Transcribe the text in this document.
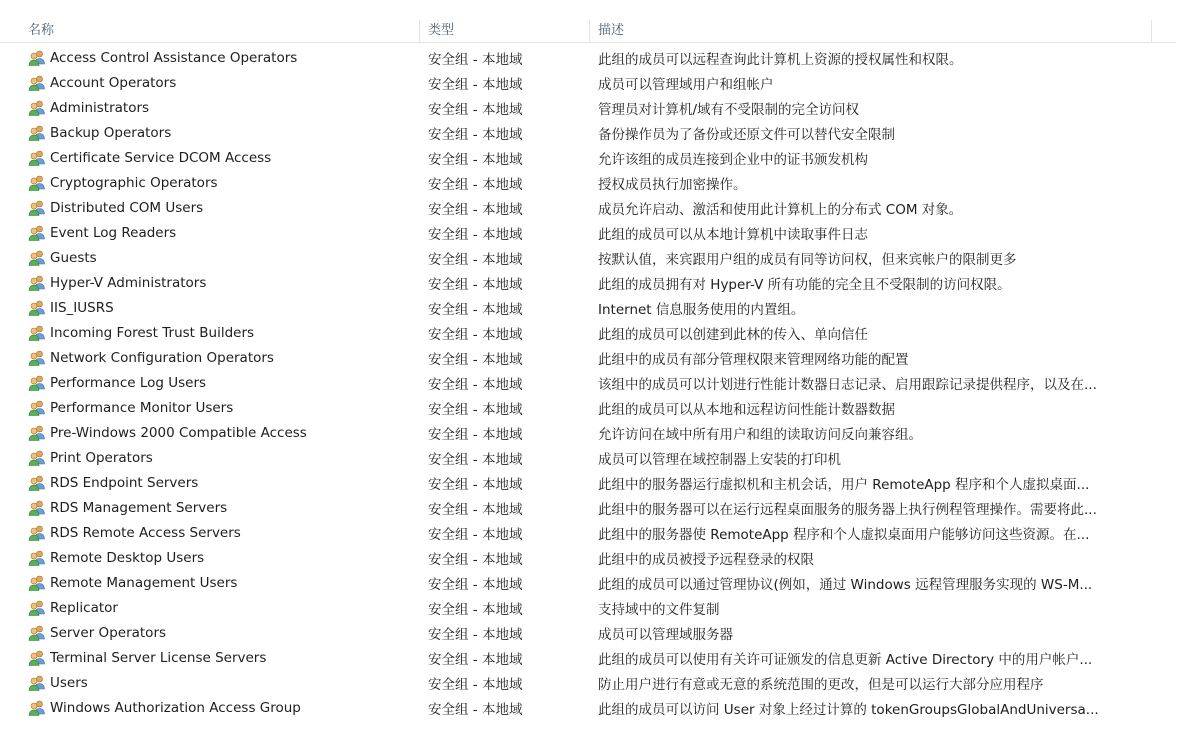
名称	类型	描述
Access Control Assistance Operators	安全组 - 本地域	此组的成员可以远程查询此计算机上资源的授权属性和权限。
Account Operators	安全组 - 本地域	成员可以管理域用户和组帐户
Administrators	安全组 - 本地域	管理员对计算机/域有不受限制的完全访问权
Backup Operators	安全组 - 本地域	备份操作员为了备份或还原文件可以替代安全限制
Certificate Service DCOM Access	安全组 - 本地域	允许该组的成员连接到企业中的证书颁发机构
Cryptographic Operators	安全组 - 本地域	授权成员执行加密操作。
Distributed COM Users	安全组 - 本地域	成员允许启动、激活和使用此计算机上的分布式 COM 对象。
Event Log Readers	安全组 - 本地域	此组的成员可以从本地计算机中读取事件日志
Guests	安全组 - 本地域	按默认值，来宾跟用户组的成员有同等访问权，但来宾帐户的限制更多
Hyper-V Administrators	安全组 - 本地域	此组的成员拥有对 Hyper-V 所有功能的完全且不受限制的访问权限。
IIS_IUSRS	安全组 - 本地域	Internet 信息服务使用的内置组。
Incoming Forest Trust Builders	安全组 - 本地域	此组的成员可以创建到此林的传入、单向信任
Network Configuration Operators	安全组 - 本地域	此组中的成员有部分管理权限来管理网络功能的配置
Performance Log Users	安全组 - 本地域	该组中的成员可以计划进行性能计数器日志记录、启用跟踪记录提供程序，以及在...
Performance Monitor Users	安全组 - 本地域	此组的成员可以从本地和远程访问性能计数器数据
Pre-Windows 2000 Compatible Access	安全组 - 本地域	允许访问在域中所有用户和组的读取访问反向兼容组。
Print Operators	安全组 - 本地域	成员可以管理在域控制器上安装的打印机
RDS Endpoint Servers	安全组 - 本地域	此组中的服务器运行虚拟机和主机会话，用户 RemoteApp 程序和个人虚拟桌面...
RDS Management Servers	安全组 - 本地域	此组中的服务器可以在运行远程桌面服务的服务器上执行例程管理操作。需要将此...
RDS Remote Access Servers	安全组 - 本地域	此组中的服务器使 RemoteApp 程序和个人虚拟桌面用户能够访问这些资源。在...
Remote Desktop Users	安全组 - 本地域	此组中的成员被授予远程登录的权限
Remote Management Users	安全组 - 本地域	此组的成员可以通过管理协议(例如，通过 Windows 远程管理服务实现的 WS-M...
Replicator	安全组 - 本地域	支持域中的文件复制
Server Operators	安全组 - 本地域	成员可以管理域服务器
Terminal Server License Servers	安全组 - 本地域	此组的成员可以使用有关许可证颁发的信息更新 Active Directory 中的用户帐户...
Users	安全组 - 本地域	防止用户进行有意或无意的系统范围的更改，但是可以运行大部分应用程序
Windows Authorization Access Group	安全组 - 本地域	此组的成员可以访问 User 对象上经过计算的 tokenGroupsGlobalAndUniversa...
